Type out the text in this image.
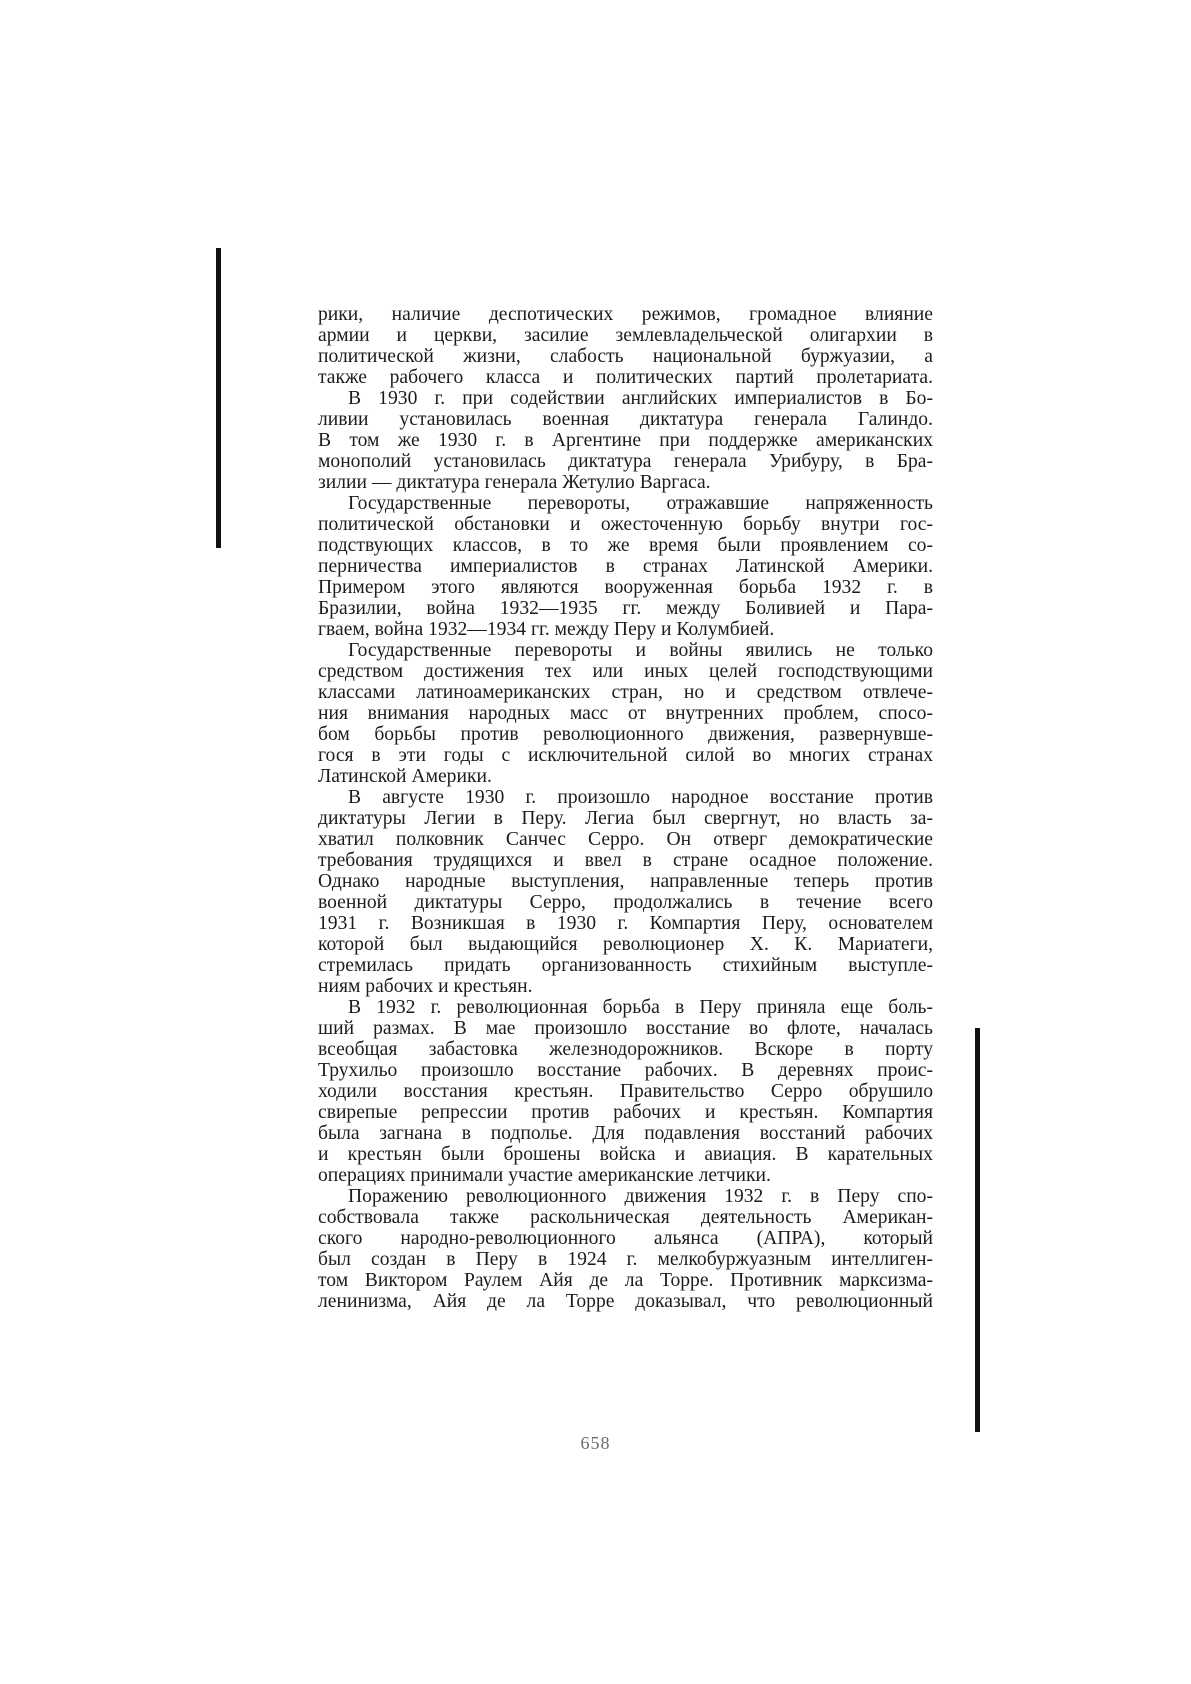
рики, наличие деспотических режимов, громадное влияние
армии и церкви, засилие землевладельческой олигархии в
политической жизни, слабость национальной буржуазии, а
также рабочего класса и политических партий пролетариата.

В 1930 г. при содействии английских империалистов в Бо-
ливии установилась военная диктатура генерала Галиндо.
В том же 1930 г. в Аргентине при поддержке американских
монополий установилась диктатура генерала Урибуру, в Бра-
зилии — диктатура генерала Жетулио Варгаса.

Государственные перевороты, отражавшие напряженность
политической обстановки и ожесточенную борьбу внутри гос-
подствующих классов, в то же время были проявлением со-
перничества империалистов в странах Латинской Америки.
Примером этого являются вооруженная борьба 1932 г. в
Бразилии, война 1932—1935 гг. между Боливией и Пара-
гваем, война 1932—1934 гг. между Перу и Колумбией.

Государственные перевороты и войны явились не только
средством достижения тех или иных целей господствующими
классами латиноамериканских стран, но и средством отвлече-
ния внимания народных масс от внутренних проблем, спосо-
бом борьбы против революционного движения, развернувше-
гося в эти годы с исключительной силой во многих странах
Латинской Америки.

В августе 1930 г. произошло народное восстание против
диктатуры Легии в Перу. Легиа был свергнут, но власть за-
хватил полковник Санчес Серро. Он отверг демократические
требования трудящихся и ввел в стране осадное положение.
Однако народные выступления, направленные теперь против
военной диктатуры Серро, продолжались в течение всего
1931 г. Возникшая в 1930 г. Компартия Перу, основателем
которой был выдающийся революционер Х. К. Мариатеги,
стремилась придать организованность стихийным выступле-
ниям рабочих и крестьян.

В 1932 г. революционная борьба в Перу приняла еще боль-
ший размах. В мае произошло восстание во флоте, началась
всеобщая забастовка железнодорожников. Вскоре в порту
Трухильо произошло восстание рабочих. В деревнях проис-
ходили восстания крестьян. Правительство Серро обрушило
свирепые репрессии против рабочих и крестьян. Компартия
была загнана в подполье. Для подавления восстаний рабочих
и крестьян были брошены войска и авиация. В карательных
операциях принимали участие американские летчики.

Поражению революционного движения 1932 г. в Перу спо-
собствовала также раскольническая деятельность Американ-
ского народно-революционного альянса (АПРА), который
был создан в Перу в 1924 г. мелкобуржуазным интеллиген-
том Виктором Раулем Айя де ла Торре. Противник марксизма-
ленинизма, Айя де ла Торре доказывал, что революционный

658
